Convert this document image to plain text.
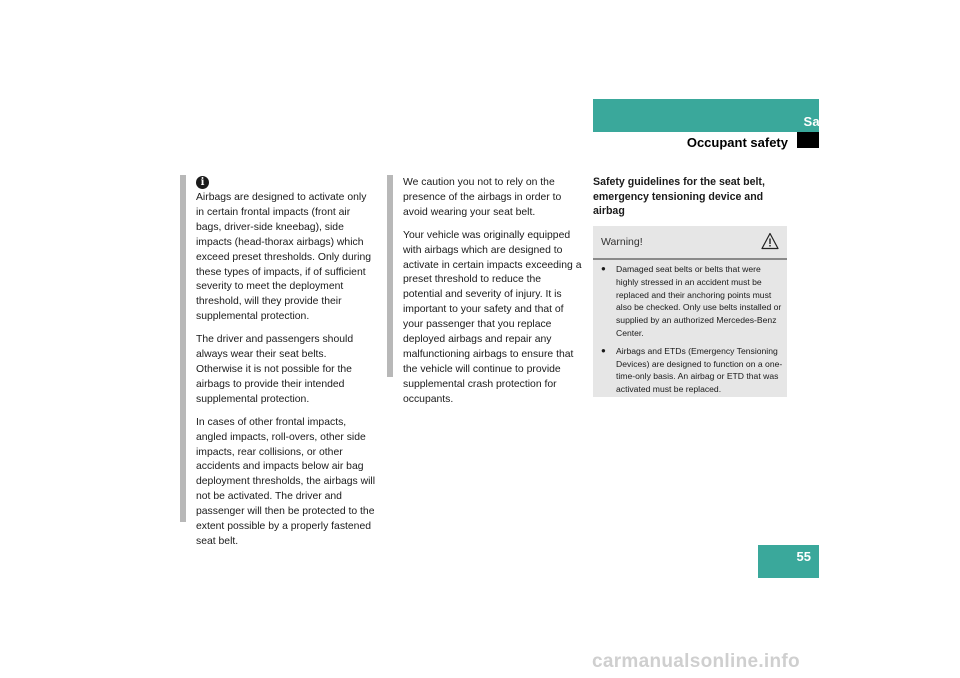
Safety and Security
Occupant safety
i

Airbags are designed to activate only in certain frontal impacts (front air bags, driver-side kneebag), side impacts (head-thorax airbags) which exceed preset thresholds. Only during these types of impacts, if of sufficient severity to meet the deployment threshold, will they provide their supplemental protection.

The driver and passengers should always wear their seat belts. Otherwise it is not possible for the airbags to provide their intended supplemental protection.

In cases of other frontal impacts, angled impacts, roll-overs, other side impacts, rear collisions, or other accidents and impacts below air bag deployment thresholds, the airbags will not be activated. The driver and passenger will then be protected to the extent possible by a properly fastened seat belt.

We caution you not to rely on the presence of the airbags in order to avoid wearing your seat belt.

Your vehicle was originally equipped with airbags which are designed to activate in certain impacts exceeding a preset threshold to reduce the potential and severity of injury. It is important to your safety and that of your passenger that you replace deployed airbags and repair any malfunctioning airbags to ensure that the vehicle will continue to provide supplemental crash protection for occupants.

Safety guidelines for the seat belt, emergency tensioning device and airbag
Warning!
● Damaged seat belts or belts that were highly stressed in an accident must be replaced and their anchoring points must also be checked. Only use belts installed or supplied by an authorized Mercedes-Benz Center.
● Airbags and ETDs (Emergency Tensioning Devices) are designed to function on a one-time-only basis. An airbag or ETD that was activated must be replaced.
55
carmanualsonline.info
